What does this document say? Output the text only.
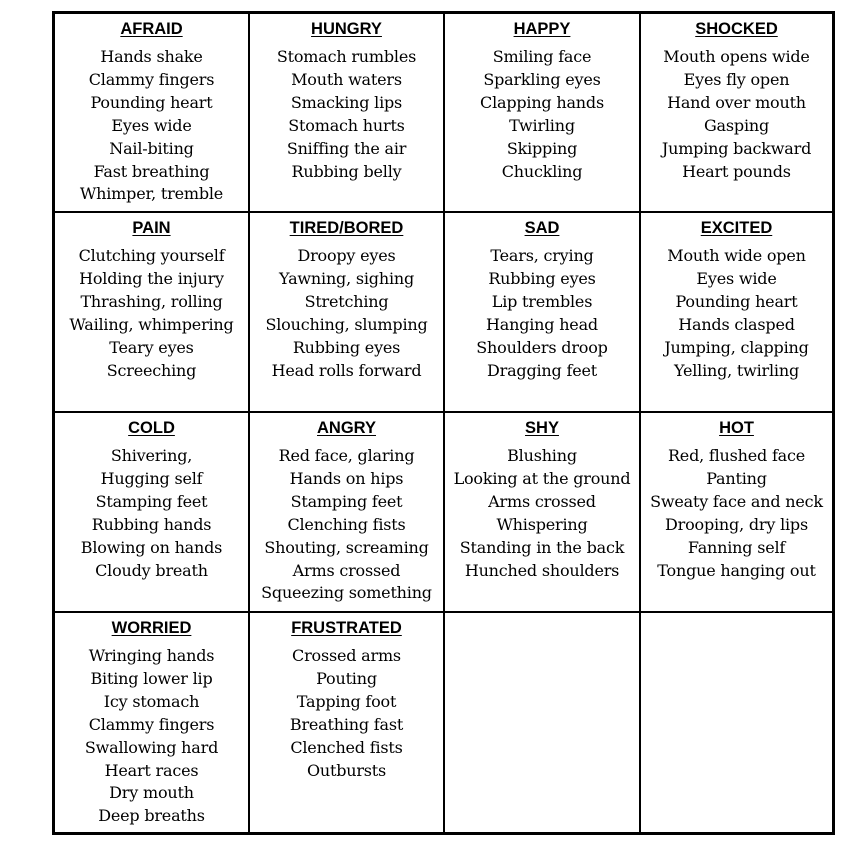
AFRAID
Hands shake
Clammy fingers
Pounding heart
Eyes wide
Nail-biting
Fast breathing
Whimper, tremble
HUNGRY
Stomach rumbles
Mouth waters
Smacking lips
Stomach hurts
Sniffing the air
Rubbing belly
HAPPY
Smiling face
Sparkling eyes
Clapping hands
Twirling
Skipping
Chuckling
SHOCKED
Mouth opens wide
Eyes fly open
Hand over mouth
Gasping
Jumping backward
Heart pounds
PAIN
Clutching yourself
Holding the injury
Thrashing, rolling
Wailing, whimpering
Teary eyes
Screeching
TIRED/BORED
Droopy eyes
Yawning, sighing
Stretching
Slouching, slumping
Rubbing eyes
Head rolls forward
SAD
Tears, crying
Rubbing eyes
Lip trembles
Hanging head
Shoulders droop
Dragging feet
EXCITED
Mouth wide open
Eyes wide
Pounding heart
Hands clasped
Jumping, clapping
Yelling, twirling
COLD
Shivering,
Hugging self
Stamping feet
Rubbing hands
Blowing on hands
Cloudy breath
ANGRY
Red face, glaring
Hands on hips
Stamping feet
Clenching fists
Shouting, screaming
Arms crossed
Squeezing something
SHY
Blushing
Looking at the ground
Arms crossed
Whispering
Standing in the back
Hunched shoulders
HOT
Red, flushed face
Panting
Sweaty face and neck
Drooping, dry lips
Fanning self
Tongue hanging out
WORRIED
Wringing hands
Biting lower lip
Icy stomach
Clammy fingers
Swallowing hard
Heart races
Dry mouth
Deep breaths
FRUSTRATED
Crossed arms
Pouting
Tapping foot
Breathing fast
Clenched fists
Outbursts
